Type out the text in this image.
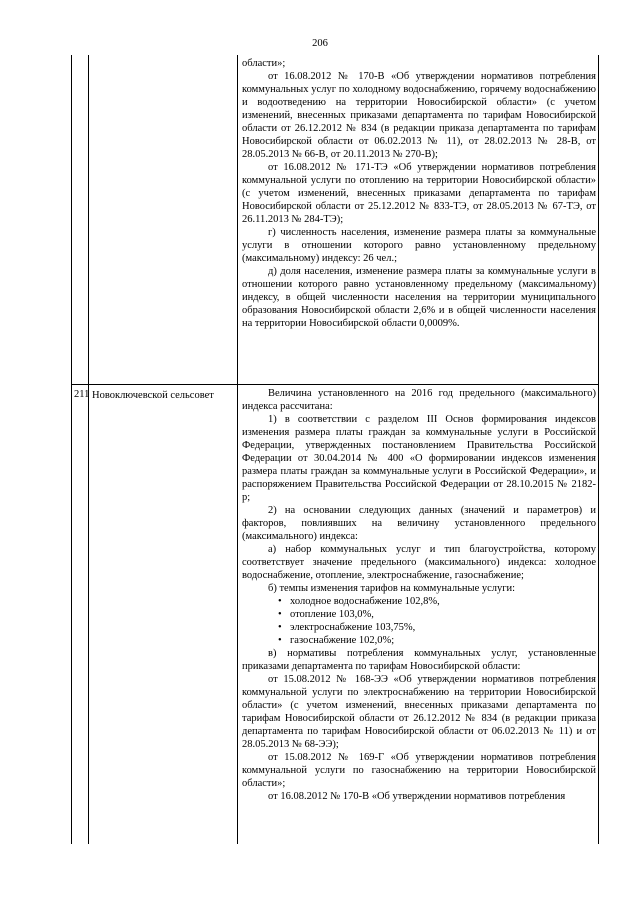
206

области»;

от 16.08.2012 № 170-В «Об утверждении нормативов потребления коммунальных услуг по холодному водоснабжению, горячему водоснабжению и водоотведению на территории Новосибирской области» (с учетом изменений, внесенных приказами департамента по тарифам Новосибирской области от 26.12.2012 № 834 (в редакции приказа департамента по тарифам Новосибирской области от 06.02.2013 № 11), от 28.02.2013 № 28-В, от 28.05.2013 № 66-В, от 20.11.2013 № 270-В);

от 16.08.2012 № 171-ТЭ «Об утверждении нормативов потребления коммунальной услуги по отоплению на территории Новосибирской области» (с учетом изменений, внесенных приказами департамента по тарифам Новосибирской области от 25.12.2012 № 833-ТЭ, от 28.05.2013 № 67-ТЭ, от 26.11.2013 № 284-ТЭ);

г) численность населения, изменение размера платы за коммунальные услуги в отношении которого равно установленному предельному (максимальному) индексу: 26 чел.;

д) доля населения, изменение размера платы за коммунальные услуги в отношении которого равно установленному предельному (максимальному) индексу, в общей численности населения на территории муниципального образования Новосибирской области 2,6% и в общей численности населения на территории Новосибирской области 0,0009%.

211 Новоключевской сельсовет	Величина установленного на 2016 год предельного (максимального) индекса рассчитана:

1) в соответствии с разделом III Основ формирования индексов изменения размера платы граждан за коммунальные услуги в Российской Федерации, утвержденных постановлением Правительства Российской Федерации от 30.04.2014 № 400 «О формировании индексов изменения размера платы граждан за коммунальные услуги в Российской Федерации», и распоряжением Правительства Российской Федерации от 28.10.2015 № 2182-р;

2) на основании следующих данных (значений и параметров) и факторов, повлиявших на величину установленного предельного (максимального) индекса:

а) набор коммунальных услуг и тип благоустройства, которому соответствует значение предельного (максимального) индекса: холодное водоснабжение, отопление, электроснабжение, газоснабжение;

б) темпы изменения тарифов на коммунальные услуги:

• холодное водоснабжение 102,8%,

• отопление 103,0%,

• электроснабжение 103,75%,

• газоснабжение 102,0%;

в) нормативы потребления коммунальных услуг, установленные приказами департамента по тарифам Новосибирской области:

от 15.08.2012 № 168-ЭЭ «Об утверждении нормативов потребления коммунальной услуги по электроснабжению на территории Новосибирской области» (с учетом изменений, внесенных приказами департамента по тарифам Новосибирской области от 26.12.2012 № 834 (в редакции приказа департамента по тарифам Новосибирской области от 06.02.2013 № 11) и от 28.05.2013 № 68-ЭЭ);

от 15.08.2012 № 169-Г «Об утверждении нормативов потребления коммунальной услуги по газоснабжению на территории Новосибирской области»;

от 16.08.2012 № 170-В «Об утверждении нормативов потребления
